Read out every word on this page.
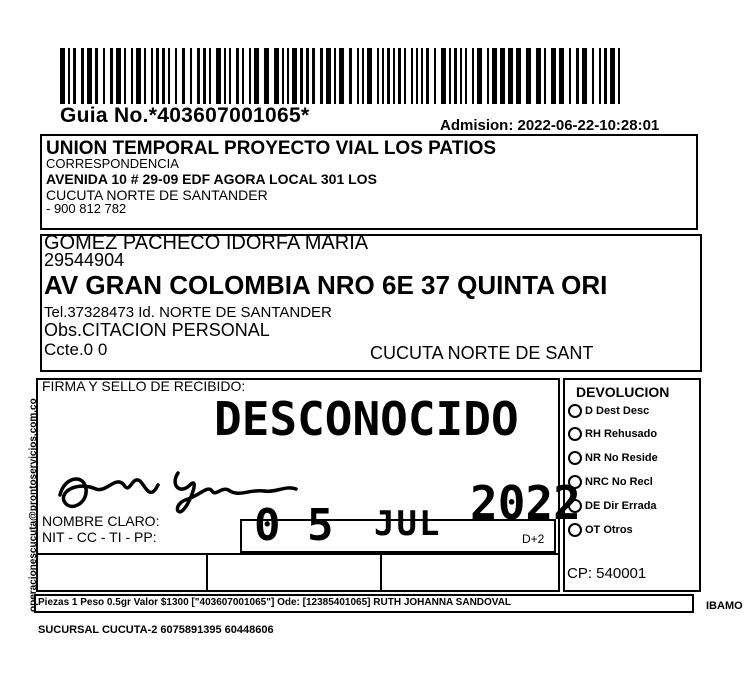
Guia No.*403607001065*	Admision: 2022-06-22-10:28:01
UNION TEMPORAL PROYECTO VIAL LOS PATIOS
CORRESPONDENCIA
AVENIDA 10 # 29-09 EDF AGORA LOCAL 301 LOS
CUCUTA NORTE DE SANTANDER
- 900 812 782
GOMEZ PACHECO IDORFA MARIA
29544904
AV GRAN COLOMBIA NRO 6E 37 QUINTA ORI
Tel.37328473 Id. NORTE DE SANTANDER
Obs.CITACION PERSONAL
Ccte.0 0	CUCUTA NORTE DE SANT
FIRMA Y SELLO DE RECIBIDO:
DESCONOCIDO
NOMBRE CLARO:
NIT - CC - TI - PP: 0 5 JUL 2022
D+2
DEVOLUCION
D Dest Desc
RH Rehusado
NR No Reside
NRC No Recl
DE Dir Errada
OT Otros
CP: 540001
Piezas 1 Peso 0.5gr Valor $1300 ["403607001065"] Ode: [12385401065] RUTH JOHANNA SANDOVAL	IBAMO
SUCURSAL CUCUTA-2 6075891395 60448606
operacionescucuta@prontoservicios.com.co
